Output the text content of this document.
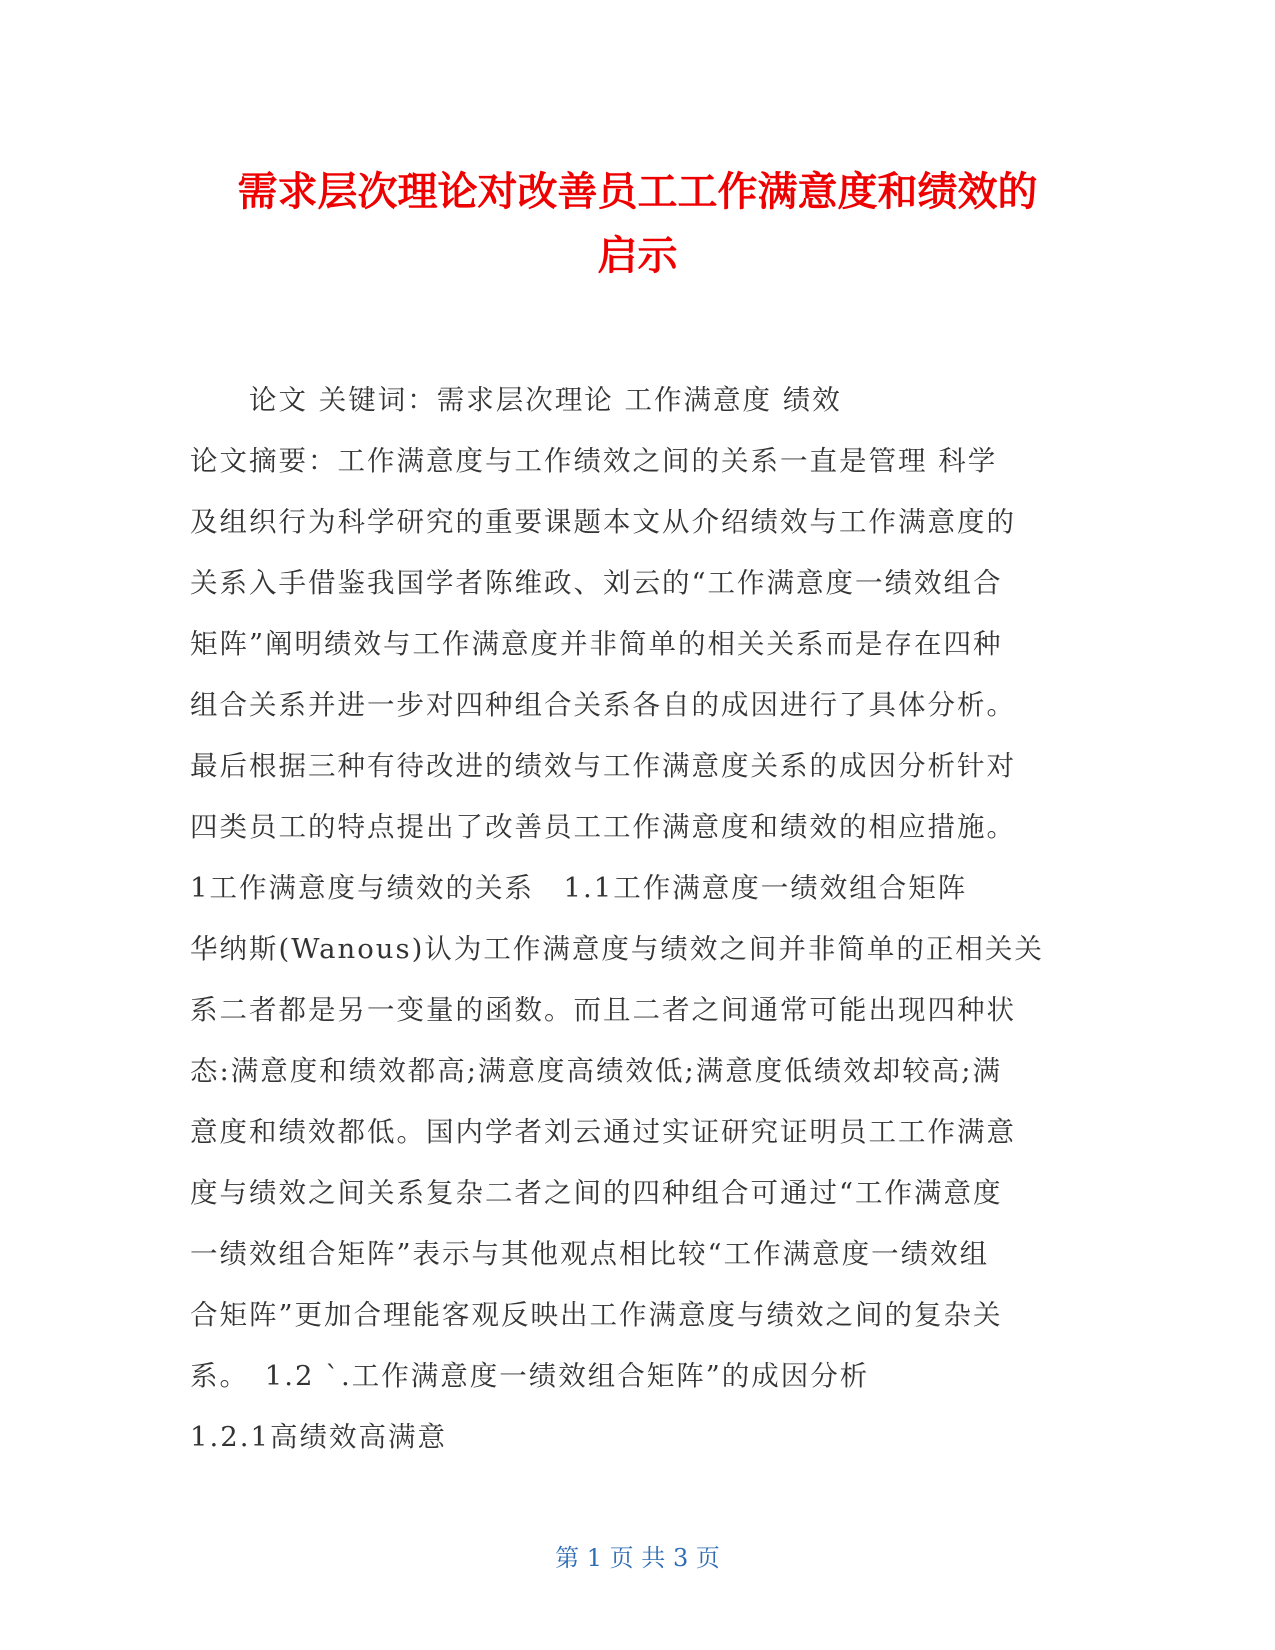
需求层次理论对改善员工工作满意度和绩效的
启示
　　论文 关键词：需求层次理论 工作满意度 绩效
论文摘要：工作满意度与工作绩效之间的关系一直是管理 科学
及组织行为科学研究的重要课题本文从介绍绩效与工作满意度的
关系入手借鉴我国学者陈维政、刘云的“工作满意度一绩效组合
矩阵”阐明绩效与工作满意度并非简单的相关关系而是存在四种
组合关系并进一步对四种组合关系各自的成因进行了具体分析。
最后根据三种有待改进的绩效与工作满意度关系的成因分析针对
四类员工的特点提出了改善员工工作满意度和绩效的相应措施。
1工作满意度与绩效的关系　1.1工作满意度一绩效组合矩阵
华纳斯(Wanous)认为工作满意度与绩效之间并非简单的正相关关
系二者都是另一变量的函数。而且二者之间通常可能出现四种状
态:满意度和绩效都高;满意度高绩效低;满意度低绩效却较高;满
意度和绩效都低。国内学者刘云通过实证研究证明员工工作满意
度与绩效之间关系复杂二者之间的四种组合可通过“工作满意度
一绩效组合矩阵”表示与其他观点相比较“工作满意度一绩效组
合矩阵”更加合理能客观反映出工作满意度与绩效之间的复杂关
系。　1.2 `.工作满意度一绩效组合矩阵”的成因分析
1.2.1高绩效高满意
第 1 页 共 3 页
